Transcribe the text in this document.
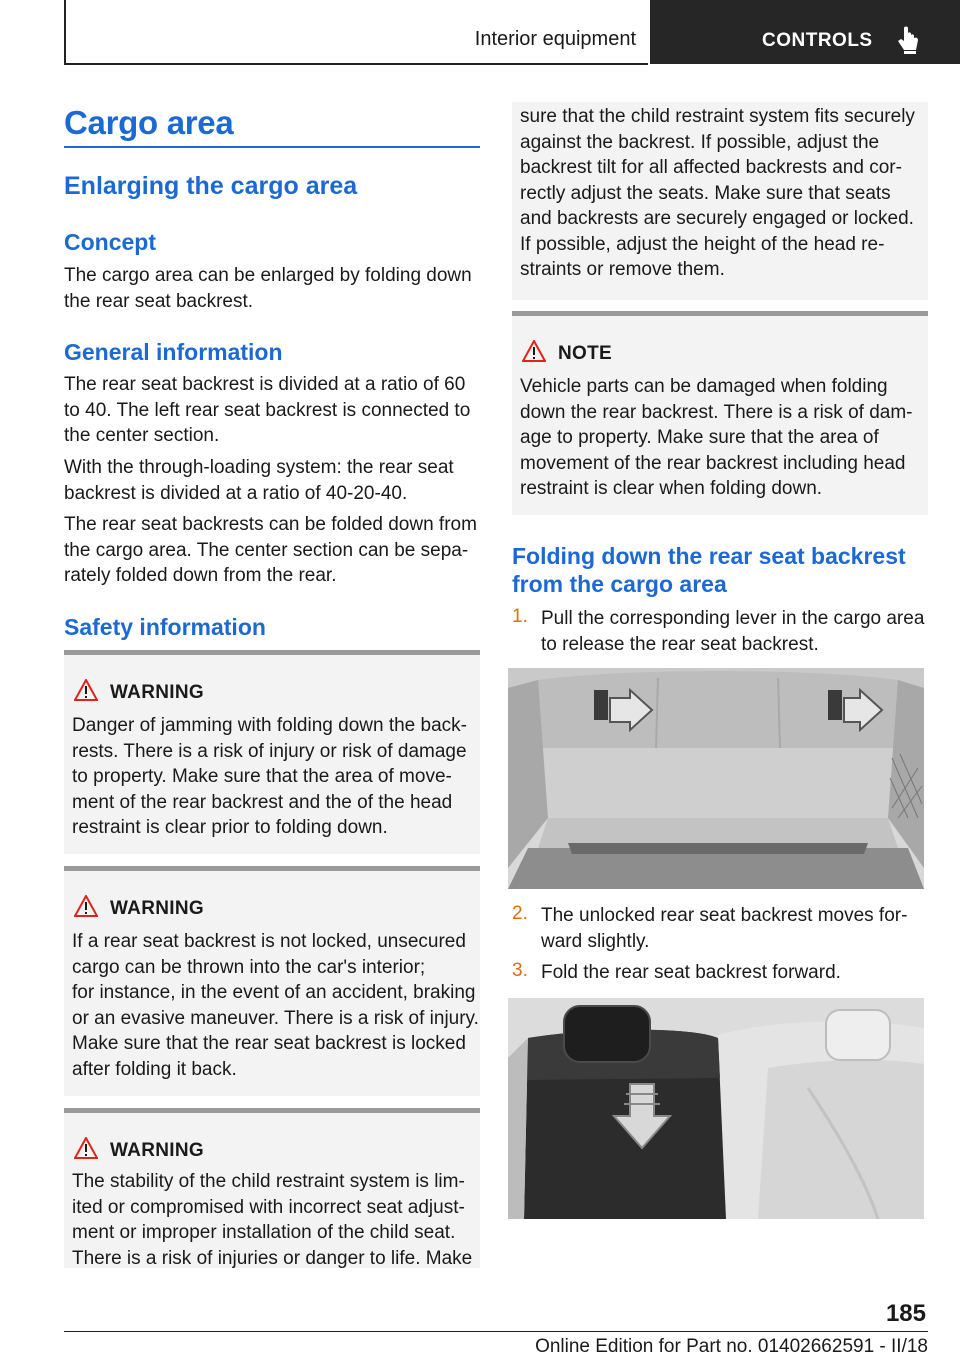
Interior equipment	CONTROLS
Cargo area
Enlarging the cargo area
Concept
The cargo area can be enlarged by folding down
the rear seat backrest.
General information
The rear seat backrest is divided at a ratio of 60
to 40. The left rear seat backrest is connected to
the center section.
With the through-loading system: the rear seat
backrest is divided at a ratio of 40-20-40.
The rear seat backrests can be folded down from
the cargo area. The center section can be sepa‐
rately folded down from the rear.
Safety information
WARNING
Danger of jamming with folding down the back‐
rests. There is a risk of injury or risk of damage
to property. Make sure that the area of move‐
ment of the rear backrest and the of the head
restraint is clear prior to folding down.
WARNING
If a rear seat backrest is not locked, unsecured
cargo can be thrown into the car's interior;
for instance, in the event of an accident, braking
or an evasive maneuver. There is a risk of injury.
Make sure that the rear seat backrest is locked
after folding it back.
WARNING
The stability of the child restraint system is lim‐
ited or compromised with incorrect seat adjust‐
ment or improper installation of the child seat.
There is a risk of injuries or danger to life. Make
sure that the child restraint system fits securely
against the backrest. If possible, adjust the
backrest tilt for all affected backrests and cor‐
rectly adjust the seats. Make sure that seats
and backrests are securely engaged or locked.
If possible, adjust the height of the head re‐
straints or remove them.
NOTE
Vehicle parts can be damaged when folding
down the rear backrest. There is a risk of dam‐
age to property. Make sure that the area of
movement of the rear backrest including head
restraint is clear when folding down.
Folding down the rear seat backrest
from the cargo area
1. Pull the corresponding lever in the cargo area
to release the rear seat backrest.
2. The unlocked rear seat backrest moves for‐
ward slightly.
3. Fold the rear seat backrest forward.
185
Online Edition for Part no. 01402662591 - II/18
